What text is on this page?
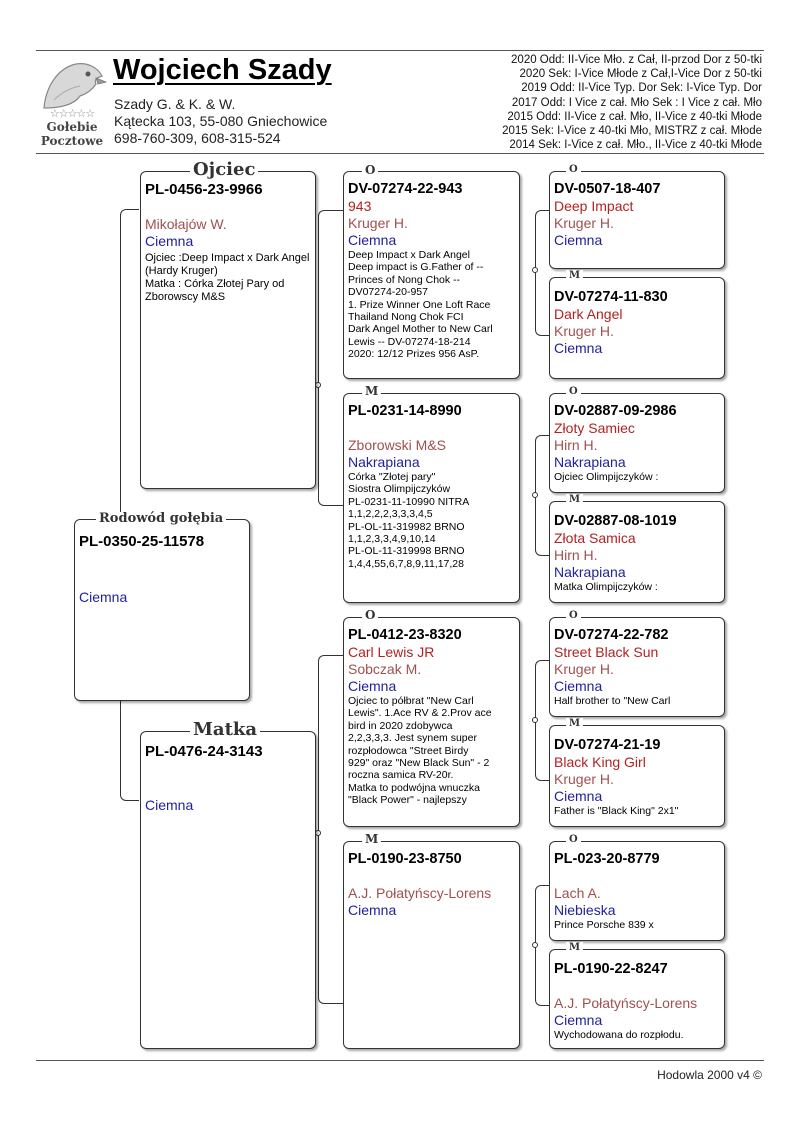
☆☆☆☆☆
Gołebie
Pocztowe
Wojciech Szady
Szady G. & K. & W.
Kątecka 103, 55-080 Gniechowice
698-760-309, 608-315-524
2020 Odd: II-Vice Mło. z Cał, II-przod Dor z 50-tki
2020 Sek: I-Vice Młode z Cał,I-Vice Dor z 50-tki
2019 Odd: II-Vice Typ. Dor Sek: I-Vice Typ. Dor
2017 Odd: I Vice z cał. Mło Sek : I Vice z cał. Mło
2015 Odd: II-Vice z cał. Mło, II-Vice z 40-tki Młode
2015 Sek: I-Vice z 40-tki Mło, MISTRZ z cał. Młode
2014 Sek: I-Vice z cał. Mło., II-Vice z 40-tki Młode
PL-0350-25-11578
Ciemna
Rodowód gołębia
PL-0456-23-9966
Mikołajów W.
Ciemna
Ojciec :Deep Impact x Dark Angel (Hardy Kruger)
Matka : Córka Złotej Pary od Zborowscy M&S
Ojciec
PL-0476-24-3143
Ciemna
Matka
DV-07274-22-943
943
Kruger H.
Ciemna
Deep Impact x Dark Angel
Deep impact is G.Father of --
Princes of Nong Chok --
DV07274-20-957
1. Prize Winner One Loft Race
Thailand Nong Chok FCI
Dark Angel Mother to New Carl
Lewis -- DV-07274-18-214
2020: 12/12 Prizes 956 AsP.
O
PL-0231-14-8990
Zborowski M&S
Nakrapiana
Córka "Złotej pary"
Siostra Olimpijczyków
PL-0231-11-10990 NITRA
1,1,2,2,2,3,3,3,4,5
PL-OL-11-319982 BRNO
1,1,2,3,3,4,9,10,14
PL-OL-11-319998 BRNO
1,4,4,55,6,7,8,9,11,17,28
M
PL-0412-23-8320
Carl Lewis JR
Sobczak M.
Ciemna
Ojciec to półbrat "New Carl
Lewis". 1.Ace RV & 2.Prov ace
bird in 2020 zdobywca
2,2,3,3,3. Jest synem super
rozpłodowca "Street Birdy
929" oraz "New Black Sun" - 2
roczna samica RV-20r.
Matka to podwójna wnuczka
"Black Power" - najlepszy
O
PL-0190-23-8750
A.J. Połatyńscy-Lorens
Ciemna
M
DV-0507-18-407
Deep Impact
Kruger H.
Ciemna
O
DV-07274-11-830
Dark Angel
Kruger H.
Ciemna
M
DV-02887-09-2986
Złoty Samiec
Hirn H.
Nakrapiana
Ojciec Olimpijczyków :
O
DV-02887-08-1019
Złota Samica
Hirn H.
Nakrapiana
Matka Olimpijczyków :
M
DV-07274-22-782
Street Black Sun
Kruger H.
Ciemna
Half brother to "New Carl
O
DV-07274-21-19
Black King Girl
Kruger H.
Ciemna
Father is "Black King" 2x1"
M
PL-023-20-8779
Lach A.
Niebieska
Prince Porsche 839 x
O
PL-0190-22-8247
A.J. Połatyńscy-Lorens
Ciemna
Wychodowana do rozpłodu.
M
Hodowla 2000 v4 ©
